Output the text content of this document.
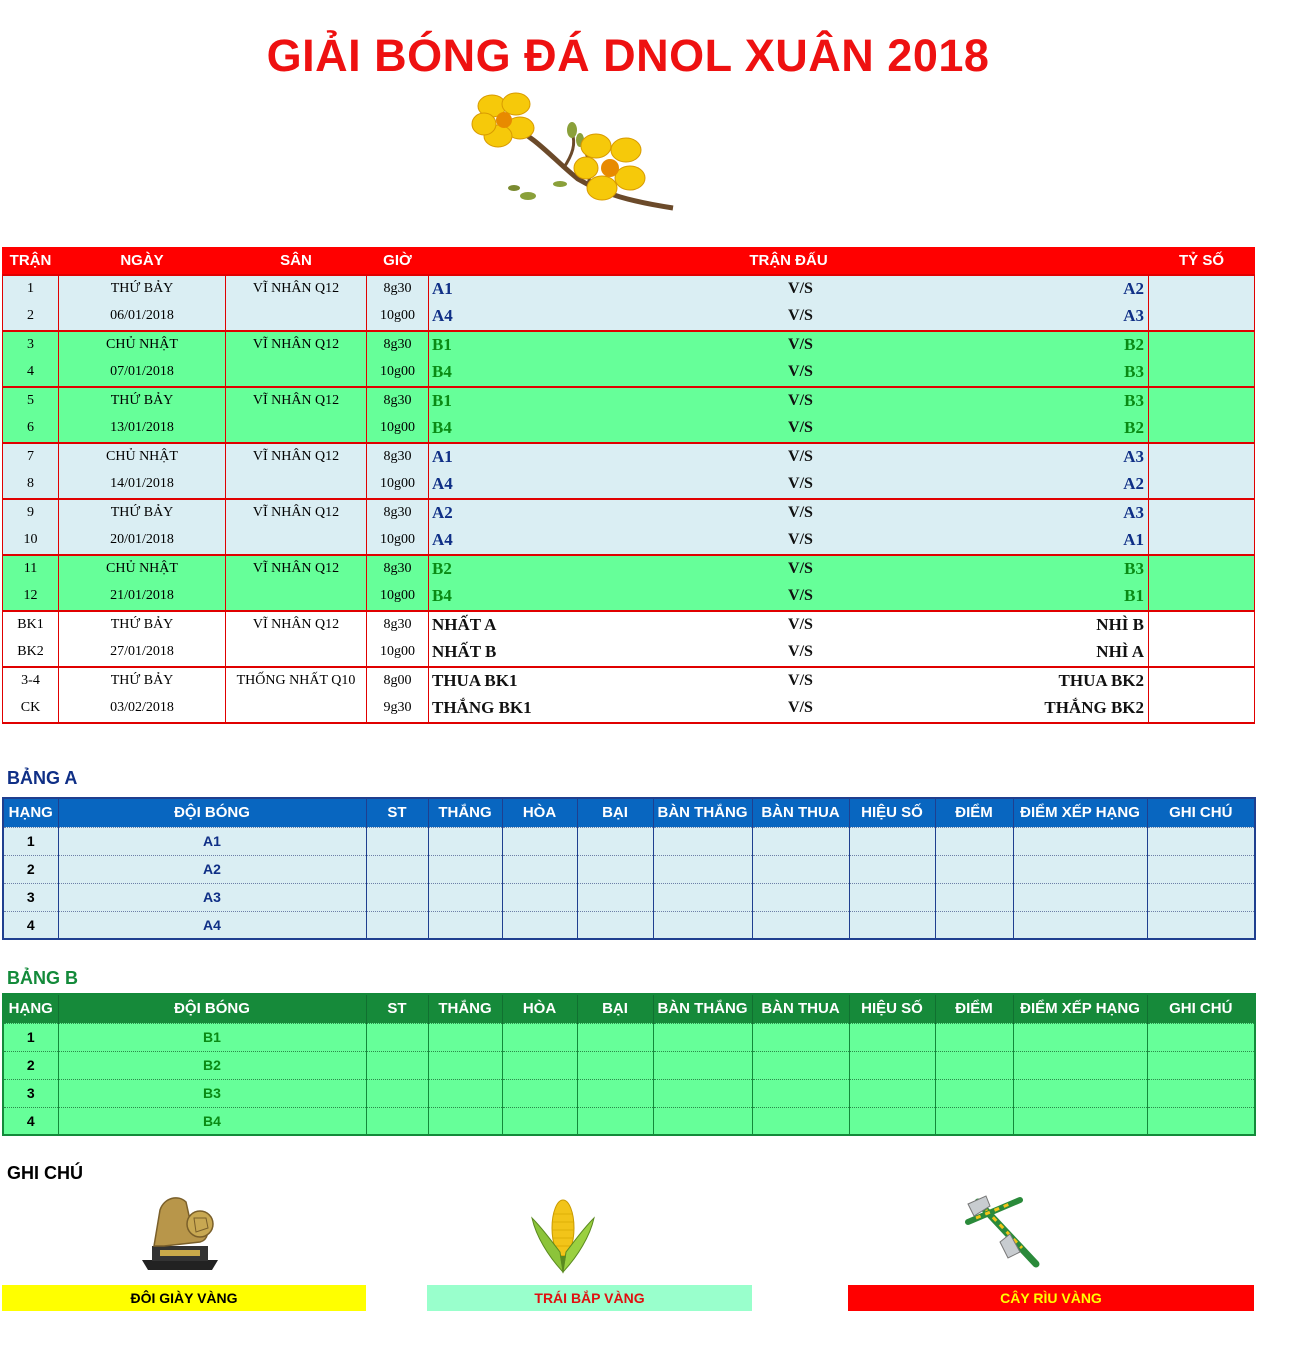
GIẢI BÓNG ĐÁ DNOL XUÂN 2018
TRẬN	NGÀY	SÂN	GIỜ	TRẬN ĐẤU			TỶ SỐ
1	THỨ BẢY	VĨ NHÂN Q12	8g30	A1	V/S	A2	
2	06/01/2018		10g00	A4	V/S	A3	
3	CHỦ NHẬT	VĨ NHÂN Q12	8g30	B1	V/S	B2	
4	07/01/2018		10g00	B4	V/S	B3	
5	THỨ BẢY	VĨ NHÂN Q12	8g30	B1	V/S	B3	
6	13/01/2018		10g00	B4	V/S	B2	
7	CHỦ NHẬT	VĨ NHÂN Q12	8g30	A1	V/S	A3	
8	14/01/2018		10g00	A4	V/S	A2	
9	THỨ BẢY	VĨ NHÂN Q12	8g30	A2	V/S	A3	
10	20/01/2018		10g00	A4	V/S	A1	
11	CHỦ NHẬT	VĨ NHÂN Q12	8g30	B2	V/S	B3	
12	21/01/2018		10g00	B4	V/S	B1	
BK1	THỨ BẢY	VĨ NHÂN Q12	8g30	NHẤT A	V/S	NHÌ B	
BK2	27/01/2018		10g00	NHẤT B	V/S	NHÌ A	
3-4	THỨ BẢY	THỐNG NHẤT Q10	8g00	THUA BK1	V/S	THUA BK2	
CK	03/02/2018		9g30	THẮNG BK1	V/S	THẮNG BK2	
BẢNG A
HẠNG	ĐỘI BÓNG	ST	THẮNG	HÒA	BẠI	BÀN THẮNG	BÀN THUA	HIỆU SỐ	ĐIỂM	ĐIỂM XẾP HẠNG	GHI CHÚ
1	A1										
2	A2										
3	A3										
4	A4										
BẢNG B
HẠNG	ĐỘI BÓNG	ST	THẮNG	HÒA	BẠI	BÀN THẮNG	BÀN THUA	HIỆU SỐ	ĐIỂM	ĐIỂM XẾP HẠNG	GHI CHÚ
1	B1										
2	B2										
3	B3										
4	B4										
GHI CHÚ
ĐÔI GIÀY VÀNG	TRÁI BẮP VÀNG	CÂY RÌU VÀNG
